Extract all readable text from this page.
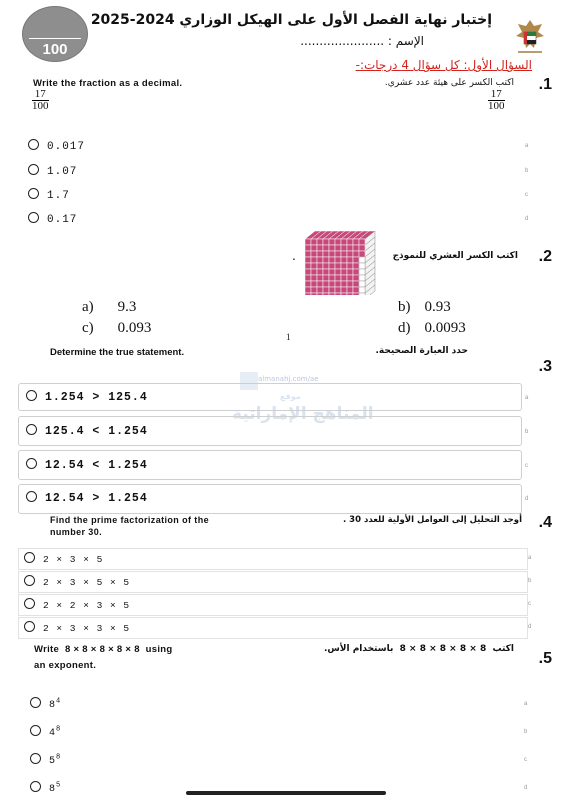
100
إختبار نهاية الفصل الأول على الهيكل الوزاري 2024-2025
الإسم : ......................
السؤال الأول: كل سؤال 4 درجات:-
.1
Write the fraction as a decimal.	اكتب الكسر على هيئة عدد عشري.
$\frac{17}{100}$	$\frac{17}{100}$
0.017	a
1.07	b
1.7	c
0.17	d
.2
اكتب الكسر العشري للنموذج
.
1
a) 9.3	b) 0.93
c) 0.093	d) 0.0093
Determine the true statement.	حدد العبارة الصحيحة.
.3
almanahj.com/ae
موقع
المناهج الإماراتية
1.254 > 125.4	a
125.4 < 1.254	b
12.54 < 1.254	c
12.54 > 1.254	d
Find the prime factorization of the
number 30.
أوجد التحليل إلى العوامل الأولية للعدد 30 . .4
2 × 3 × 5	a
2 × 3 × 5 × 5	b
2 × 2 × 3 × 5	c
2 × 3 × 3 × 5	d
Write  8 × 8 × 8 × 8 × 8  using
an exponent.
اكتب  8 × 8 × 8 × 8 × 8  باستخدام الأس.
.5
$8^4$	a
$4^8$	b
$5^8$	c
$8^5$	d
